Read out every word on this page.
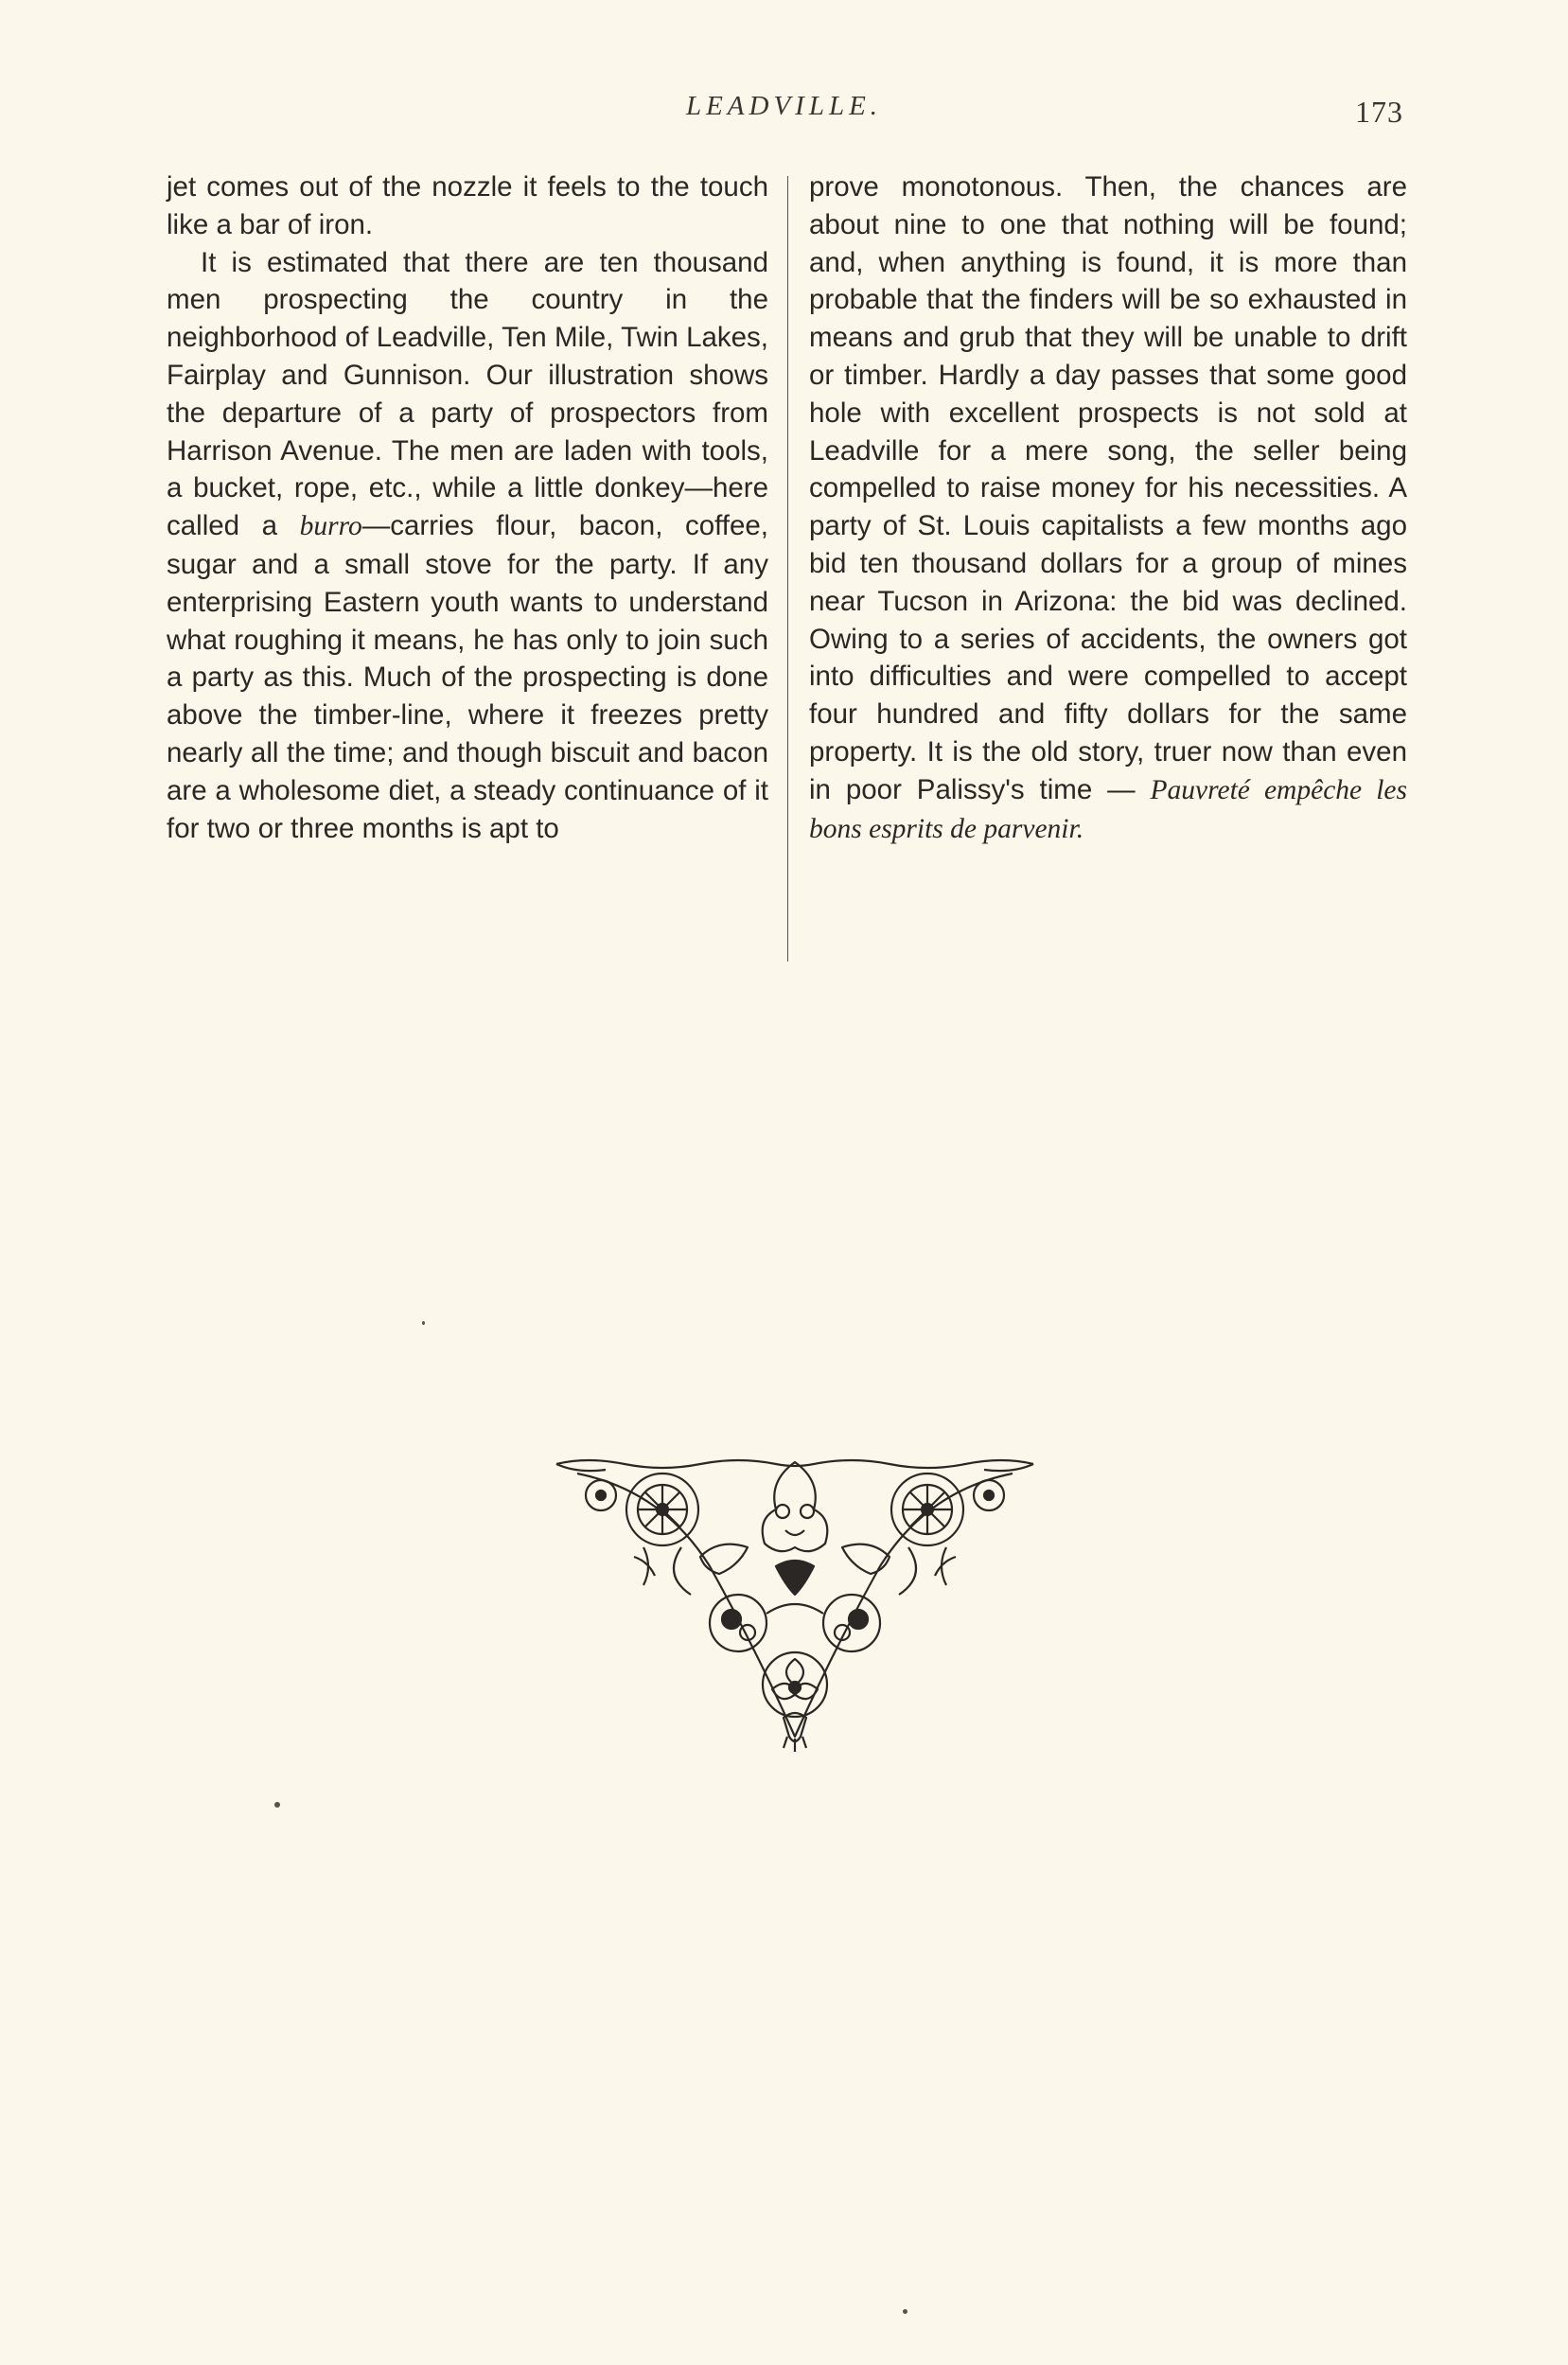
LEADVILLE.	173

jet comes out of the nozzle it feels to the touch like a bar of iron.

It is estimated that there are ten thousand men prospecting the country in the neighborhood of Leadville, Ten Mile, Twin Lakes, Fairplay and Gunnison. Our illustration shows the departure of a party of prospectors from Harrison Avenue. The men are laden with tools, a bucket, rope, etc., while a little donkey—here called a burro—carries flour, bacon, coffee, sugar and a small stove for the party. If any enterprising Eastern youth wants to understand what roughing it means, he has only to join such a party as this. Much of the prospecting is done above the timber-line, where it freezes pretty nearly all the time; and though biscuit and bacon are a wholesome diet, a steady continuance of it for two or three months is apt to

prove monotonous. Then, the chances are about nine to one that nothing will be found; and, when anything is found, it is more than probable that the finders will be so exhausted in means and grub that they will be unable to drift or timber. Hardly a day passes that some good hole with excellent prospects is not sold at Leadville for a mere song, the seller being compelled to raise money for his necessities. A party of St. Louis capitalists a few months ago bid ten thousand dollars for a group of mines near Tucson in Arizona: the bid was declined. Owing to a series of accidents, the owners got into difficulties and were compelled to accept four hundred and fifty dollars for the same property. It is the old story, truer now than even in poor Palissy's time — Pauvreté empêche les bons esprits de parvenir.
